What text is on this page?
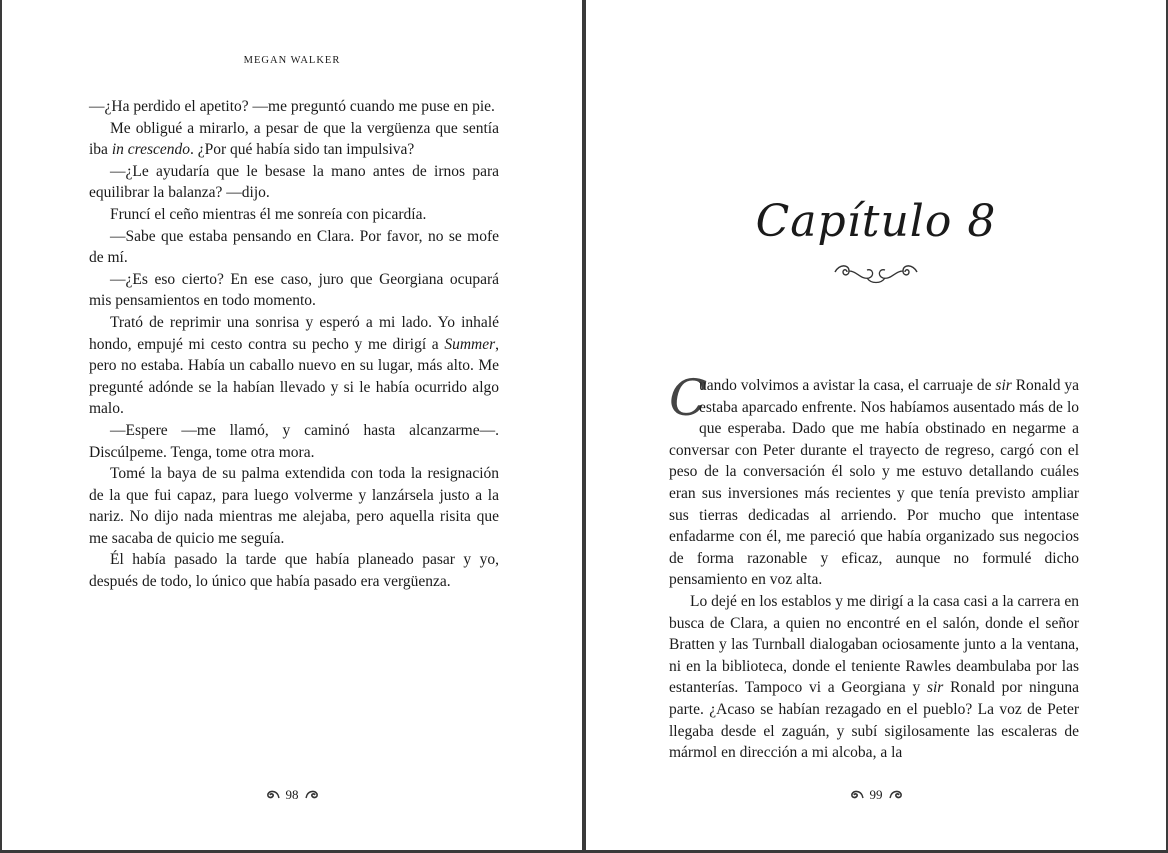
MEGAN WALKER

—¿Ha perdido el apetito? —me preguntó cuando me puse en pie.

Me obligué a mirarlo, a pesar de que la vergüenza que sentía iba in crescendo. ¿Por qué había sido tan impulsiva?

—¿Le ayudaría que le besase la mano antes de irnos para equilibrar la balanza? —dijo.

Fruncí el ceño mientras él me sonreía con picardía.

—Sabe que estaba pensando en Clara. Por favor, no se mofe de mí.

—¿Es eso cierto? En ese caso, juro que Georgiana ocupará mis pensamientos en todo momento.

Trató de reprimir una sonrisa y esperó a mi lado. Yo inhalé hondo, empujé mi cesto contra su pecho y me dirigí a Summer, pero no estaba. Había un caballo nuevo en su lugar, más alto. Me pregunté adónde se la habían llevado y si le había ocurrido algo malo.

—Espere —me llamó, y caminó hasta alcanzarme—. Discúlpeme. Tenga, tome otra mora.

Tomé la baya de su palma extendida con toda la resignación de la que fui capaz, para luego volverme y lanzársela justo a la nariz. No dijo nada mientras me alejaba, pero aquella risita que me sacaba de quicio me seguía.

Él había pasado la tarde que había planeado pasar y yo, después de todo, lo único que había pasado era vergüenza.

98
Capítulo 8

C
uando volvimos a avistar la casa, el carruaje de sir Ronald ya estaba aparcado enfrente. Nos habíamos ausentado más de lo que esperaba. Dado que me había obstinado en negarme a conversar con Peter durante el trayecto de regreso, cargó con el peso de la conversación él solo y me estuvo detallando cuáles eran sus inversiones más recientes y que tenía previsto ampliar sus tierras dedicadas al arriendo. Por mucho que intentase enfadarme con él, me pareció que había organizado sus negocios de forma razonable y eficaz, aunque no formulé dicho pensamiento en voz alta.

Lo dejé en los establos y me dirigí a la casa casi a la carrera en busca de Clara, a quien no encontré en el salón, donde el señor Bratten y las Turnball dialogaban ociosamente junto a la ventana, ni en la biblioteca, donde el teniente Rawles deambulaba por las estanterías. Tampoco vi a Georgiana y sir Ronald por ninguna parte. ¿Acaso se habían rezagado en el pueblo? La voz de Peter llegaba desde el zaguán, y subí sigilosamente las escaleras de mármol en dirección a mi alcoba, a la

99
